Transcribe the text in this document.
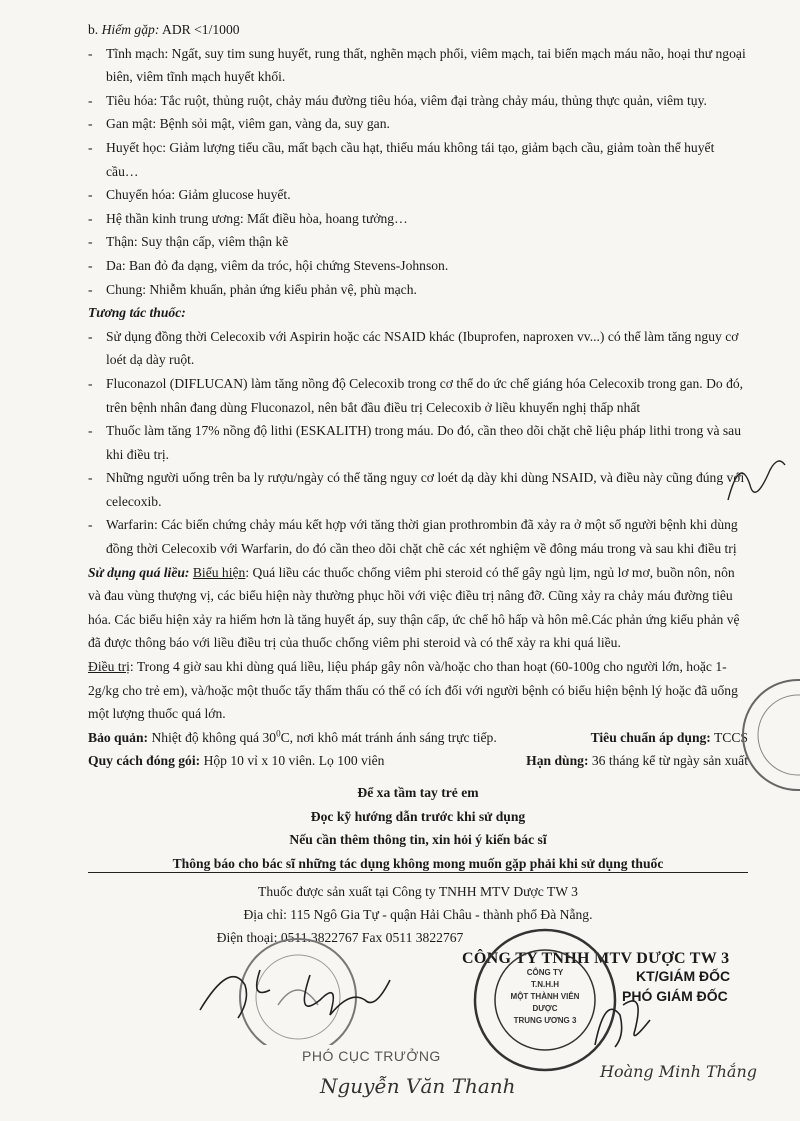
b. Hiếm gặp: ADR <1/1000
- Tĩnh mạch: Ngất, suy tim sung huyết, rung thất, nghẽn mạch phổi, viêm mạch, tai biến mạch máu não, hoại thư ngoại biên, viêm tĩnh mạch huyết khối.
- Tiêu hóa: Tắc ruột, thủng ruột, chảy máu đường tiêu hóa, viêm đại tràng chảy máu, thủng thực quản, viêm tụy.
- Gan mật: Bệnh sỏi mật, viêm gan, vàng da, suy gan.
- Huyết học: Giảm lượng tiểu cầu, mất bạch cầu hạt, thiếu máu không tái tạo, giảm bạch cầu, giảm toàn thể huyết cầu…
- Chuyển hóa: Giảm glucose huyết.
- Hệ thần kinh trung ương: Mất điều hòa, hoang tưởng…
- Thận: Suy thận cấp, viêm thận kẽ
- Da: Ban đỏ đa dạng, viêm da tróc, hội chứng Stevens-Johnson.
- Chung: Nhiễm khuẩn, phản ứng kiểu phản vệ, phù mạch.
Tương tác thuốc:
- Sử dụng đồng thời Celecoxib với Aspirin hoặc các NSAID khác (Ibuprofen, naproxen vv...) có thể làm tăng nguy cơ loét dạ dày ruột.
- Fluconazol (DIFLUCAN) làm tăng nồng độ Celecoxib trong cơ thể do ức chế giáng hóa Celecoxib trong gan. Do đó, trên bệnh nhân đang dùng Fluconazol, nên bắt đầu điều trị Celecoxib ở liều khuyến nghị thấp nhất
- Thuốc làm tăng 17% nồng độ lithi (ESKALITH) trong máu. Do đó, cần theo dõi chặt chẽ liệu pháp lithi trong và sau khi điều trị.
- Những người uống trên ba ly rượu/ngày có thể tăng nguy cơ loét dạ dày khi dùng NSAID, và điều này cũng đúng với celecoxib.
- Warfarin: Các biến chứng chảy máu kết hợp với tăng thời gian prothrombin đã xảy ra ở một số người bệnh khi dùng đồng thời Celecoxib với Warfarin, do đó cần theo dõi chặt chẽ các xét nghiệm về đông máu trong và sau khi điều trị
Sử dụng quá liều: Biểu hiện: Quá liều các thuốc chống viêm phi steroid có thể gây ngủ lịm, ngủ lơ mơ, buồn nôn, nôn và đau vùng thượng vị, các biểu hiện này thường phục hồi với việc điều trị nâng đỡ. Cũng xảy ra chảy máu đường tiêu hóa. Các biểu hiện xảy ra hiếm hơn là tăng huyết áp, suy thận cấp, ức chế hô hấp và hôn mê.Các phản ứng kiểu phản vệ đã được thông báo với liều điều trị của thuốc chống viêm phi steroid và có thể xảy ra khi quá liều.
Điều trị: Trong 4 giờ sau khi dùng quá liều, liệu pháp gây nôn và/hoặc cho than hoạt (60-100g cho người lớn, hoặc 1-2g/kg cho trẻ em), và/hoặc một thuốc tẩy thẩm thấu có thể có ích đối với người bệnh có biểu hiện bệnh lý hoặc đã uống một lượng thuốc quá lớn.
Bảo quản: Nhiệt độ không quá $30^0C$, nơi khô mát tránh ánh sáng trực tiếp.	Tiêu chuẩn áp dụng: TCCS
Quy cách đóng gói: Hộp 10 vỉ x 10 viên. Lọ 100 viên	Hạn dùng: 36 tháng kể từ ngày sản xuất
Để xa tầm tay trẻ em
Đọc kỹ hướng dẫn trước khi sử dụng
Nếu cần thêm thông tin, xin hỏi ý kiến bác sĩ
Thông báo cho bác sĩ những tác dụng không mong muốn gặp phải khi sử dụng thuốc
Thuốc được sản xuất tại Công ty TNHH MTV Dược TW 3
Địa chỉ: 115 Ngô Gia Tự - quận Hải Châu - thành phố Đà Nẵng.
Điện thoại: 0511.3822767 Fax 0511 3822767
PHÓ CỤC TRƯỞNG
Nguyễn Văn Thanh
CÔNG TY TNHH MTV DƯỢC TW 3
KT/GIÁM ĐỐC
PHÓ GIÁM ĐỐC
CÔNG TY
T.N.H.H
MỘT THÀNH VIÊN
DƯỢC
TRUNG ƯƠNG 3
Hoàng Minh Thắng
